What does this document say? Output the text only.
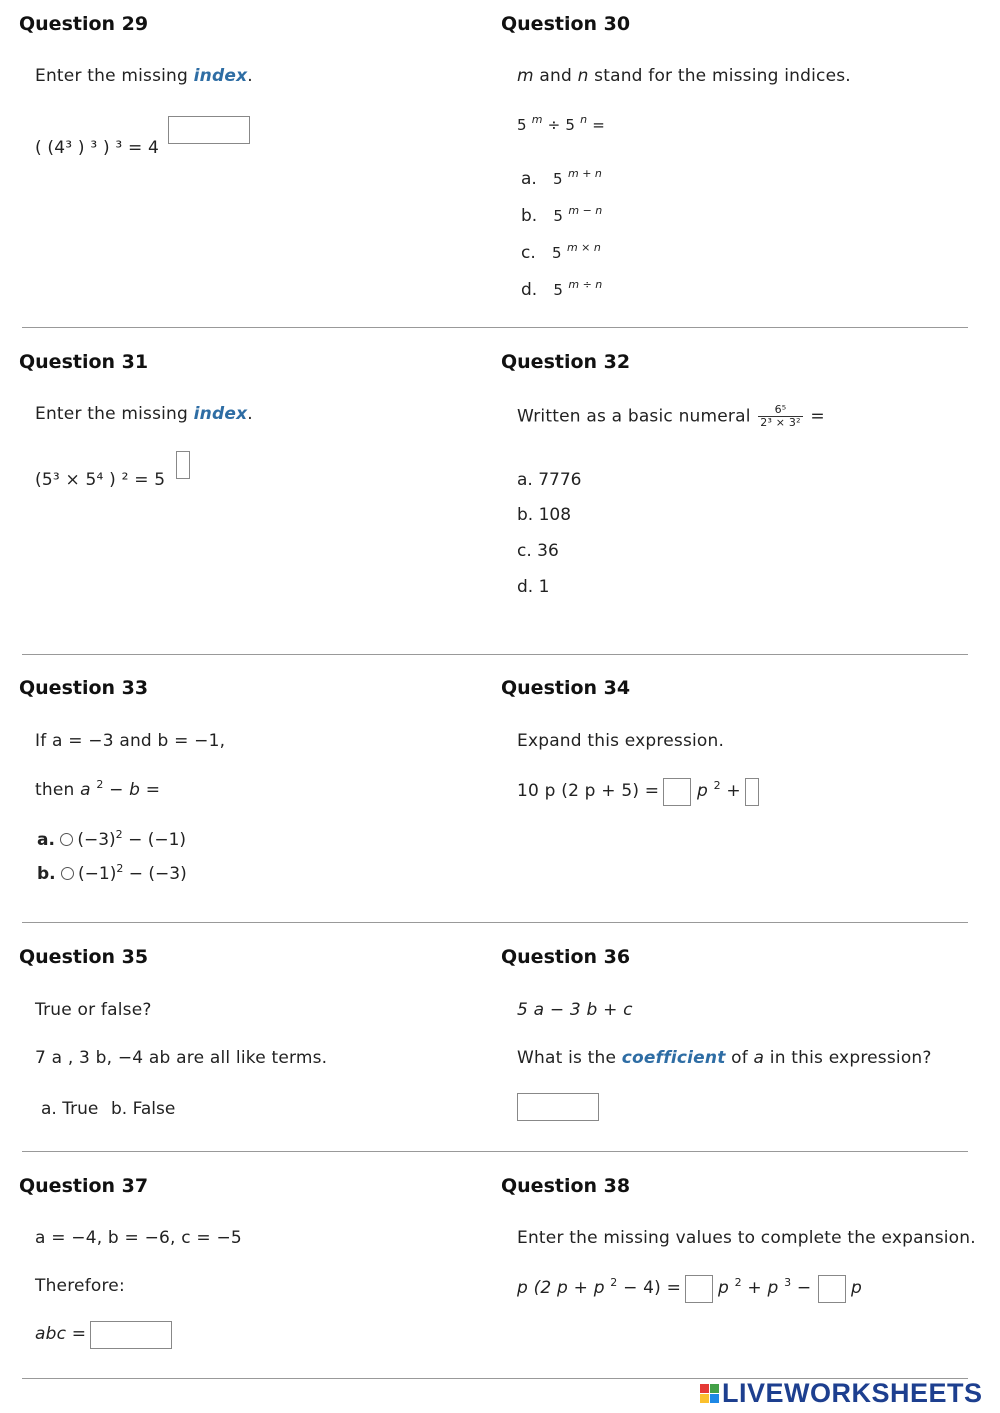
Question 29
Enter the missing index.
( (4³ ) ³ ) ³ = 4
Question 30
m and n stand for the missing indices.
5 $^m$ ÷ 5 $^n$ =
a. 5 $^{m + n}$
b. 5 $^{m - n}$
c. 5 $^{m \times n}$
d. 5 $^{m \div n}$
Question 31
Enter the missing index.
(5³ × 5⁴ ) ² = 5
Question 32
Written as a basic numeral $\frac{\text{6⁵}}{\text{2³ × 3²}}$ =
a. 7776
b. 108
c. 36
d. 1
Question 33
If a = −3 and b = −1,
then a $^2$ − b =
a. $(-3)^2 - (-1)$
b. $(-1)^2 - (-3)$
Question 34
Expand this expression.
10 p (2 p + 5) = p $^2$ +
Question 35
True or false?
7 a , 3 b, −4 ab are all like terms.
a. True b. False
Question 36
5 a − 3 b + c
What is the coefficient of a in this expression?
Question 37
a = −4, b = −6, c = −5
Therefore:
abc =
Question 38
Enter the missing values to complete the expansion.
p (2 p + p $^2$ − 4) = p $^2$ + p $^3$ − p
LIVEWORKSHEETS
